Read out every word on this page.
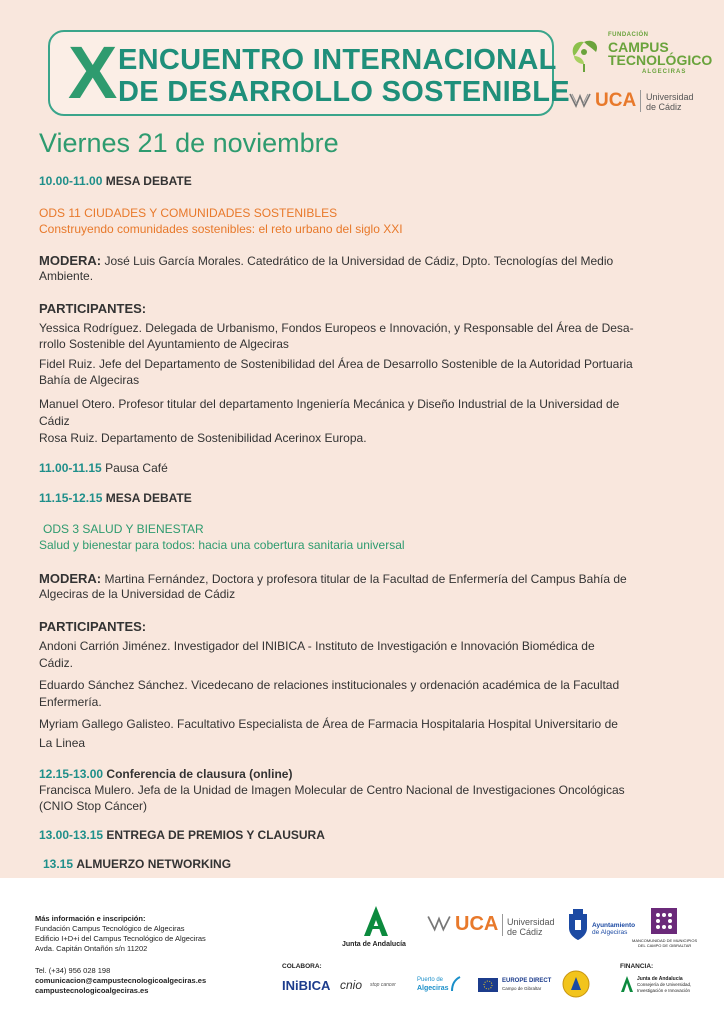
X ENCUENTRO INTERNACIONAL
DE DESARROLLO SOSTENIBLE
FUNDACIÓN
CAMPUS
TECNOLÓGICO
ALGECIRAS
UCA Universidad
de Cádiz
Viernes 21 de noviembre
10.00-11.00 MESA DEBATE
ODS 11 CIUDADES Y COMUNIDADES SOSTENIBLES
Construyendo comunidades sostenibles: el reto urbano del siglo XXI
MODERA: José Luis García Morales. Catedrático de la Universidad de Cádiz, Dpto. Tecnologías del Medio
Ambiente.
PARTICIPANTES:
Yessica Rodríguez. Delegada de Urbanismo, Fondos Europeos e Innovación, y Responsable del Área de Desa-
rrollo Sostenible del Ayuntamiento de Algeciras
Fidel Ruiz. Jefe del Departamento de Sostenibilidad del Área de Desarrollo Sostenible de la Autoridad Portuaria
Bahía de Algeciras
Manuel Otero. Profesor titular del departamento Ingeniería Mecánica y Diseño Industrial de la Universidad de
Cádiz
Rosa Ruiz. Departamento de Sostenibilidad Acerinox Europa.
11.00-11.15 Pausa Café
11.15-12.15 MESA DEBATE
ODS 3 SALUD Y BIENESTAR
Salud y bienestar para todos: hacia una cobertura sanitaria universal
MODERA: Martina Fernández, Doctora y profesora titular de la Facultad de Enfermería del Campus Bahía de
Algeciras de la Universidad de Cádiz
PARTICIPANTES:
Andoni Carrión Jiménez. Investigador del INIBICA - Instituto de Investigación e Innovación Biomédica de
Cádiz.
Eduardo Sánchez Sánchez. Vicedecano de relaciones institucionales y ordenación académica de la Facultad
Enfermería.
Myriam Gallego Galisteo. Facultativo Especialista de Área de Farmacia Hospitalaria Hospital Universitario de
La Linea
12.15-13.00 Conferencia de clausura (online)
Francisca Mulero. Jefa de la Unidad de Imagen Molecular de Centro Nacional de Investigaciones Oncológicas
(CNIO Stop Cáncer)
13.00-13.15 ENTREGA DE PREMIOS Y CLAUSURA
13.15 ALMUERZO NETWORKING
Más información e inscripción:
Fundación Campus Tecnológico de Algeciras
Edificio I+D+i del Campus Tecnológico de Algeciras
Avda. Capitán Ontañón s/n 11202
Tel. (+34) 956 028 198
comunicacion@campustecnologicoalgeciras.es
campustecnologicoalgeciras.es
Junta de Andalucía
UCA Universidad
de Cádiz
Ayuntamiento
de Algeciras
MANCOMUNIDAD DE MUNICIPIOS
DEL CAMPO DE GIBRALTAR
COLABORA:	FINANCIA:
INiBICA cnio stop cancer
Puerto de
Algeciras
EUROPE DIRECT
Campo de Gibraltar
Junta de Andalucía
Consejería de Universidad,
Investigación e Innovación
